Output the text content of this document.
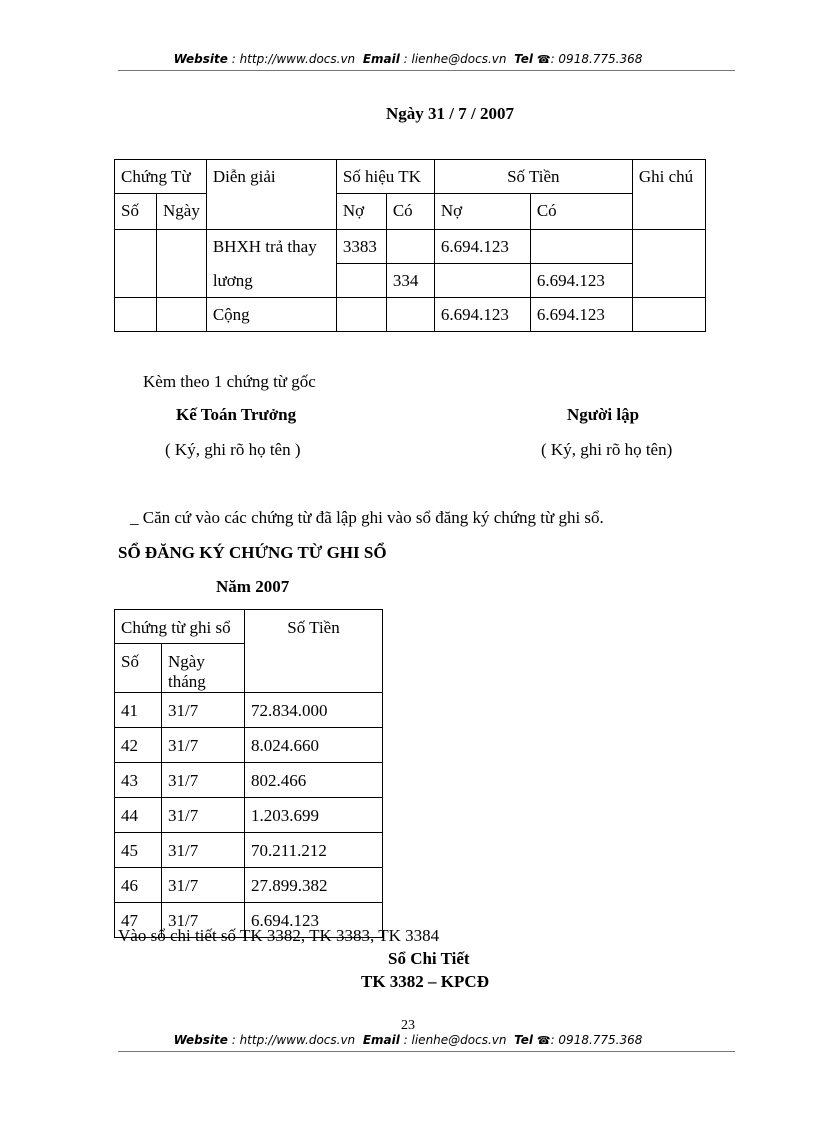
Website : http://www.docs.vn Email : lienhe@docs.vn Tel ☎: 0918.775.368
Ngày 31 / 7 / 2007
Chứng Từ		Diễn giải	Số hiệu TK		Số Tiền		Ghi chú
Số	Ngày		Nợ	Có	Nợ	Có	
		BHXH trả thay	3383		6.694.123		
		lương		334		6.694.123	
		Cộng			6.694.123	6.694.123	
Kèm theo 1 chứng từ gốc
Kế Toán Trưởng
( Ký, ghi rõ họ tên )
Người lập
( Ký, ghi rõ họ tên)
_ Căn cứ vào các chứng từ đã lập ghi vào sổ đăng ký chứng từ ghi sổ.
SỔ ĐĂNG KÝ CHỨNG TỪ GHI SỔ
Năm 2007
Chứng từ ghi sổ		Số Tiền
Số	Ngày tháng	
41	31/7	72.834.000
42	31/7	8.024.660
43	31/7	802.466
44	31/7	1.203.699
45	31/7	70.211.212
46	31/7	27.899.382
47	31/7	6.694.123
Vào sổ chi tiết số TK 3382, TK 3383, TK 3384
Sổ Chi Tiết
TK 3382 – KPCĐ
23
Website : http://www.docs.vn Email : lienhe@docs.vn Tel ☎: 0918.775.368
